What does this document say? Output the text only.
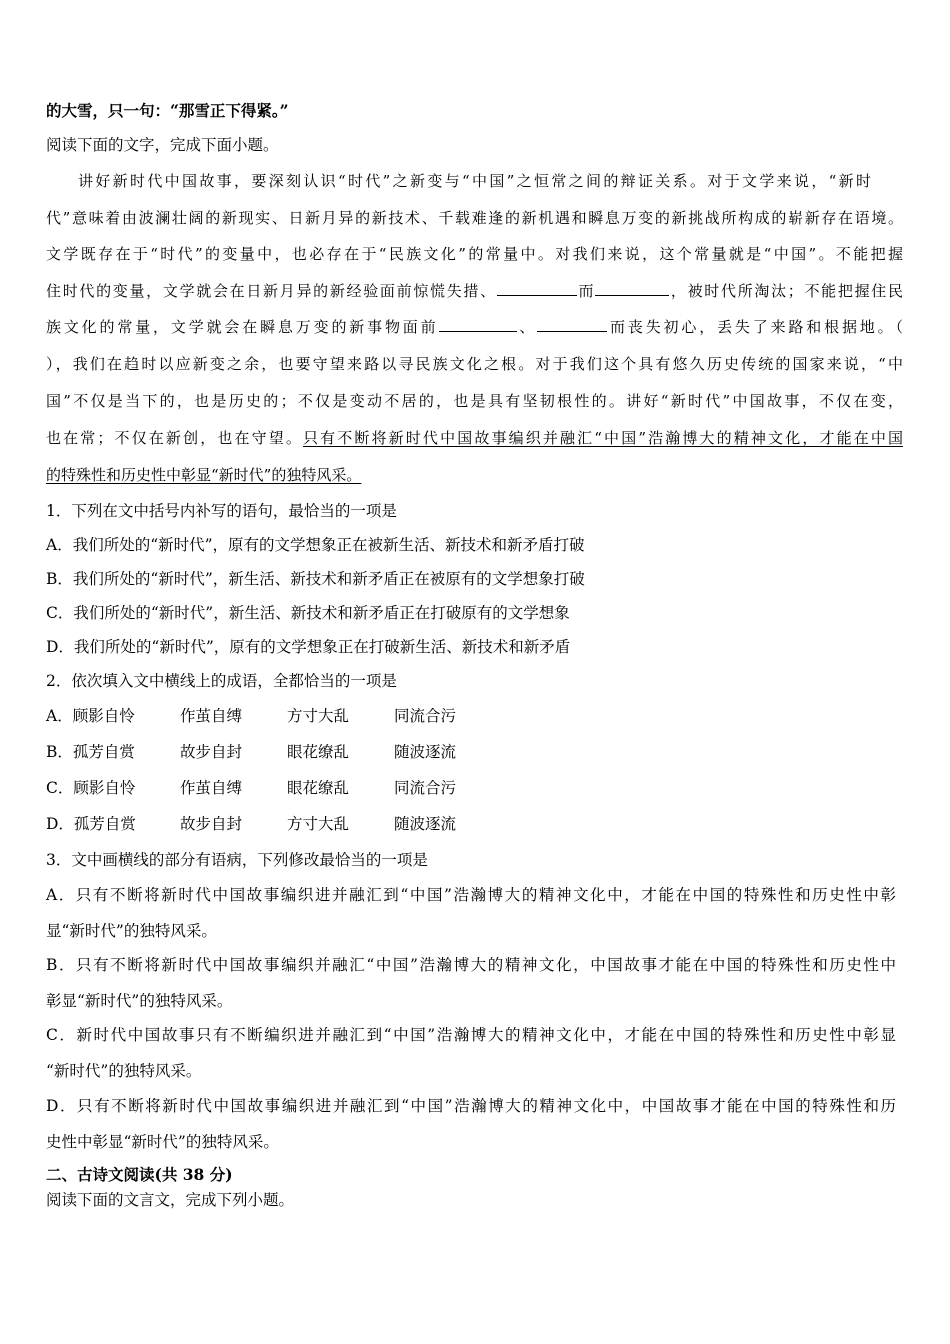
的大雪，只一句：“那雪正下得紧。”
阅读下面的文字，完成下面小题。
讲好新时代中国故事，要深刻认识“时代”之新变与“中国”之恒常之间的辩证关系。对于文学来说，“新时
代”意味着由波澜壮阔的新现实、日新月异的新技术、千载难逢的新机遇和瞬息万变的新挑战所构成的崭新存在语境。
文学既存在于“时代”的变量中，也必存在于“民族文化”的常量中。对我们来说，这个常量就是“中国”。不能把握
住时代的变量，文学就会在日新月异的新经验面前惊慌失措、	而	，被时代所淘汰；不能把握住民
族文化的常量，文学就会在瞬息万变的新事物面前	、	而丧失初心，丢失了来路和根据地。（
），我们在趋时以应新变之余，也要守望来路以寻民族文化之根。对于我们这个具有悠久历史传统的国家来说，“中
国”不仅是当下的，也是历史的；不仅是变动不居的，也是具有坚韧根性的。讲好“新时代”中国故事，不仅在变，
也在常；不仅在新创，也在守望。只有不断将新时代中国故事编织并融汇“中国”浩瀚博大的精神文化，才能在中国
的特殊性和历史性中彰显“新时代”的独特风采。
1．下列在文中括号内补写的语句，最恰当的一项是
A．我们所处的“新时代”，原有的文学想象正在被新生活、新技术和新矛盾打破
B．我们所处的“新时代”，新生活、新技术和新矛盾正在被原有的文学想象打破
C．我们所处的“新时代”，新生活、新技术和新矛盾正在打破原有的文学想象
D．我们所处的“新时代”，原有的文学想象正在打破新生活、新技术和新矛盾
2．依次填入文中横线上的成语，全都恰当的一项是
A．顾影自怜	作茧自缚	方寸大乱	同流合污
B．孤芳自赏	故步自封	眼花缭乱	随波逐流
C．顾影自怜	作茧自缚	眼花缭乱	同流合污
D．孤芳自赏	故步自封	方寸大乱	随波逐流
3．文中画横线的部分有语病，下列修改最恰当的一项是
A．只有不断将新时代中国故事编织进并融汇到“中国”浩瀚博大的精神文化中，才能在中国的特殊性和历史性中彰
显“新时代”的独特风采。
B．只有不断将新时代中国故事编织并融汇“中国”浩瀚博大的精神文化，中国故事才能在中国的特殊性和历史性中
彰显“新时代”的独特风采。
C．新时代中国故事只有不断编织进并融汇到“中国”浩瀚博大的精神文化中，才能在中国的特殊性和历史性中彰显
“新时代”的独特风采。
D．只有不断将新时代中国故事编织进并融汇到“中国”浩瀚博大的精神文化中，中国故事才能在中国的特殊性和历
史性中彰显“新时代”的独特风采。
二、古诗文阅读(共 38 分)
阅读下面的文言文，完成下列小题。
